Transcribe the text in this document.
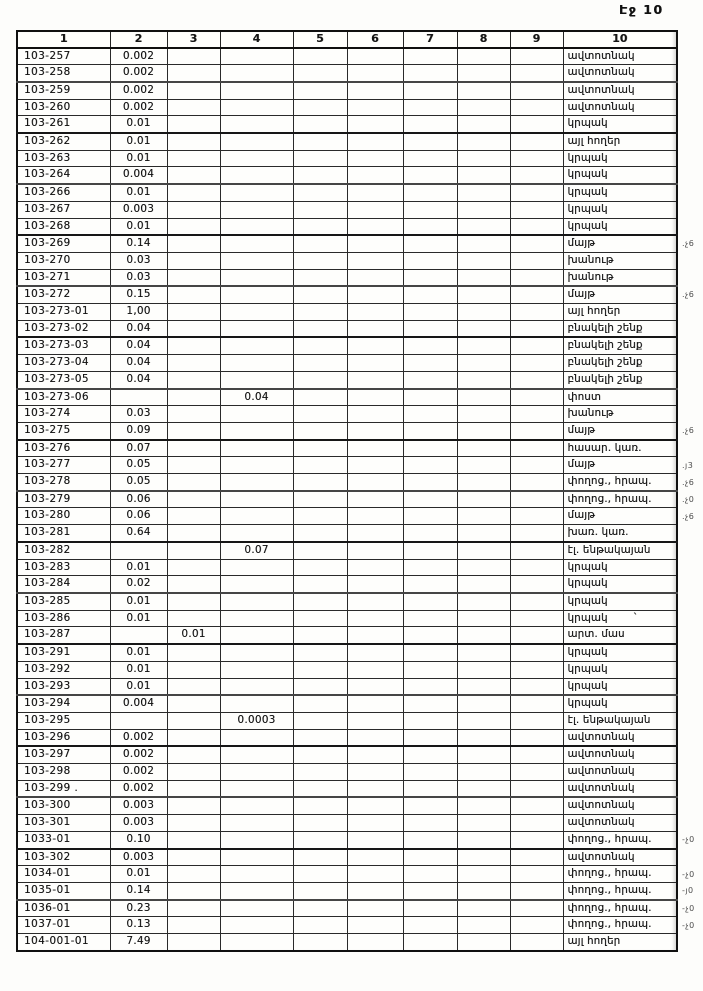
Էջ 10
1	2	3	4	5	6	7	8	9	10
103-257	0.002								ավտոտնակ
103-258	0.002								ավտոտնակ
103-259	0.002								ավտոտնակ
103-260	0.002								ավտոտնակ
103-261	0.01								կրպակ
103-262	0.01								այլ հողեր
103-263	0.01								կրպակ
103-264	0.004								կրպակ
103-266	0.01								կրպակ
103-267	0.003								կրպակ
103-268	0.01								կրպակ
103-269	0.14								մայթ
103-270	0.03								խանութ
103-271	0.03								խանութ
103-272	0.15								մայթ
103-273-01	1,00								այլ հողեր
103-273-02	0.04								բնակելի շենք
103-273-03	0.04								բնակելի շենք
103-273-04	0.04								բնակելի շենք
103-273-05	0.04								բնակելի շենք
103-273-06			0.04						փոստ
103-274	0.03								խանութ
103-275	0.09								մայթ
103-276	0.07								հասար. կառ.
103-277	0.05								մայթ
103-278	0.05								փողոց., հրապ.
103-279	0.06								փողոց., հրապ.
103-280	0.06								մայթ
103-281	0.64								խառ. կառ.
103-282			0.07						էլ. ենթակայան
103-283	0.01								կրպակ
103-284	0.02								կրպակ
103-285	0.01								կրպակ
103-286	0.01								կրպակ ՝
103-287		0.01							արտ. մաս
103-291	0.01								կրպակ
103-292	0.01								կրպակ
103-293	0.01								կրպակ
103-294	0.004								կրպակ
103-295			0.0003						էլ. ենթակայան
103-296	0.002								ավտոտնակ
103-297	0.002								ավտոտնակ
103-298	0.002								ավտոտնակ
103-299 .	0.002								ավտոտնակ
103-300	0.003								ավտոտնակ
103-301	0.003								ավտոտնակ
1033-01	0.10								փողոց., հրապ.
103-302	0.003								ավտոտնակ
1034-01	0.01								փողոց., հրապ.
1035-01	0.14								փողոց., հրապ.
1036-01	0.23								փողոց., հրապ.
1037-01	0.13								փողոց., հրապ.
104-001-01	7.49								այլ հողեր
.չ6
.չ6
.չ6
.յ3
.չ6
.չ0
.չ6
-չ0
-չ0
-յ0
-չ0
-չ0
